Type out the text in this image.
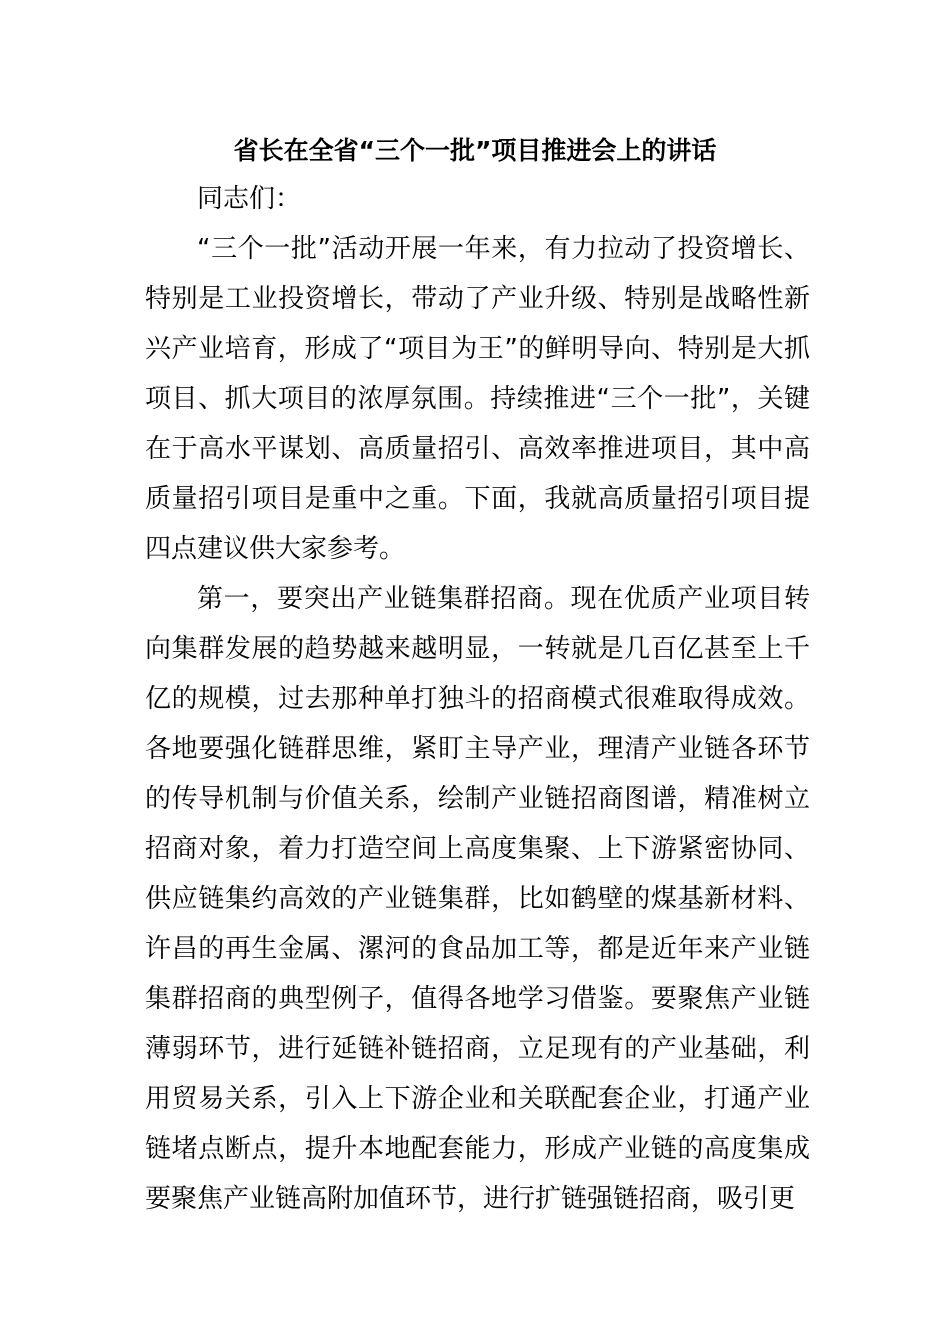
省长在全省“三个一批”项目推进会上的讲话

同志们：

“三个一批”活动开展一年来，有力拉动了投资增长、特别是工业投资增长，带动了产业升级、特别是战略性新兴产业培育，形成了“项目为王”的鲜明导向、特别是大抓项目、抓大项目的浓厚氛围。持续推进“三个一批”，关键在于高水平谋划、高质量招引、高效率推进项目，其中高质量招引项目是重中之重。下面，我就高质量招引项目提四点建议供大家参考。

第一，要突出产业链集群招商。现在优质产业项目转向集群发展的趋势越来越明显，一转就是几百亿甚至上千亿的规模，过去那种单打独斗的招商模式很难取得成效。各地要强化链群思维，紧盯主导产业，理清产业链各环节的传导机制与价值关系，绘制产业链招商图谱，精准树立招商对象，着力打造空间上高度集聚、上下游紧密协同、供应链集约高效的产业链集群，比如鹤壁的煤基新材料、许昌的再生金属、漯河的食品加工等，都是近年来产业链集群招商的典型例子，值得各地学习借鉴。要聚焦产业链薄弱环节，进行延链补链招商，立足现有的产业基础，利用贸易关系，引入上下游企业和关联配套企业，打通产业链堵点断点，提升本地配套能力，形成产业链的高度集成要聚焦产业链高附加值环节，进行扩链强链招商，吸引更
